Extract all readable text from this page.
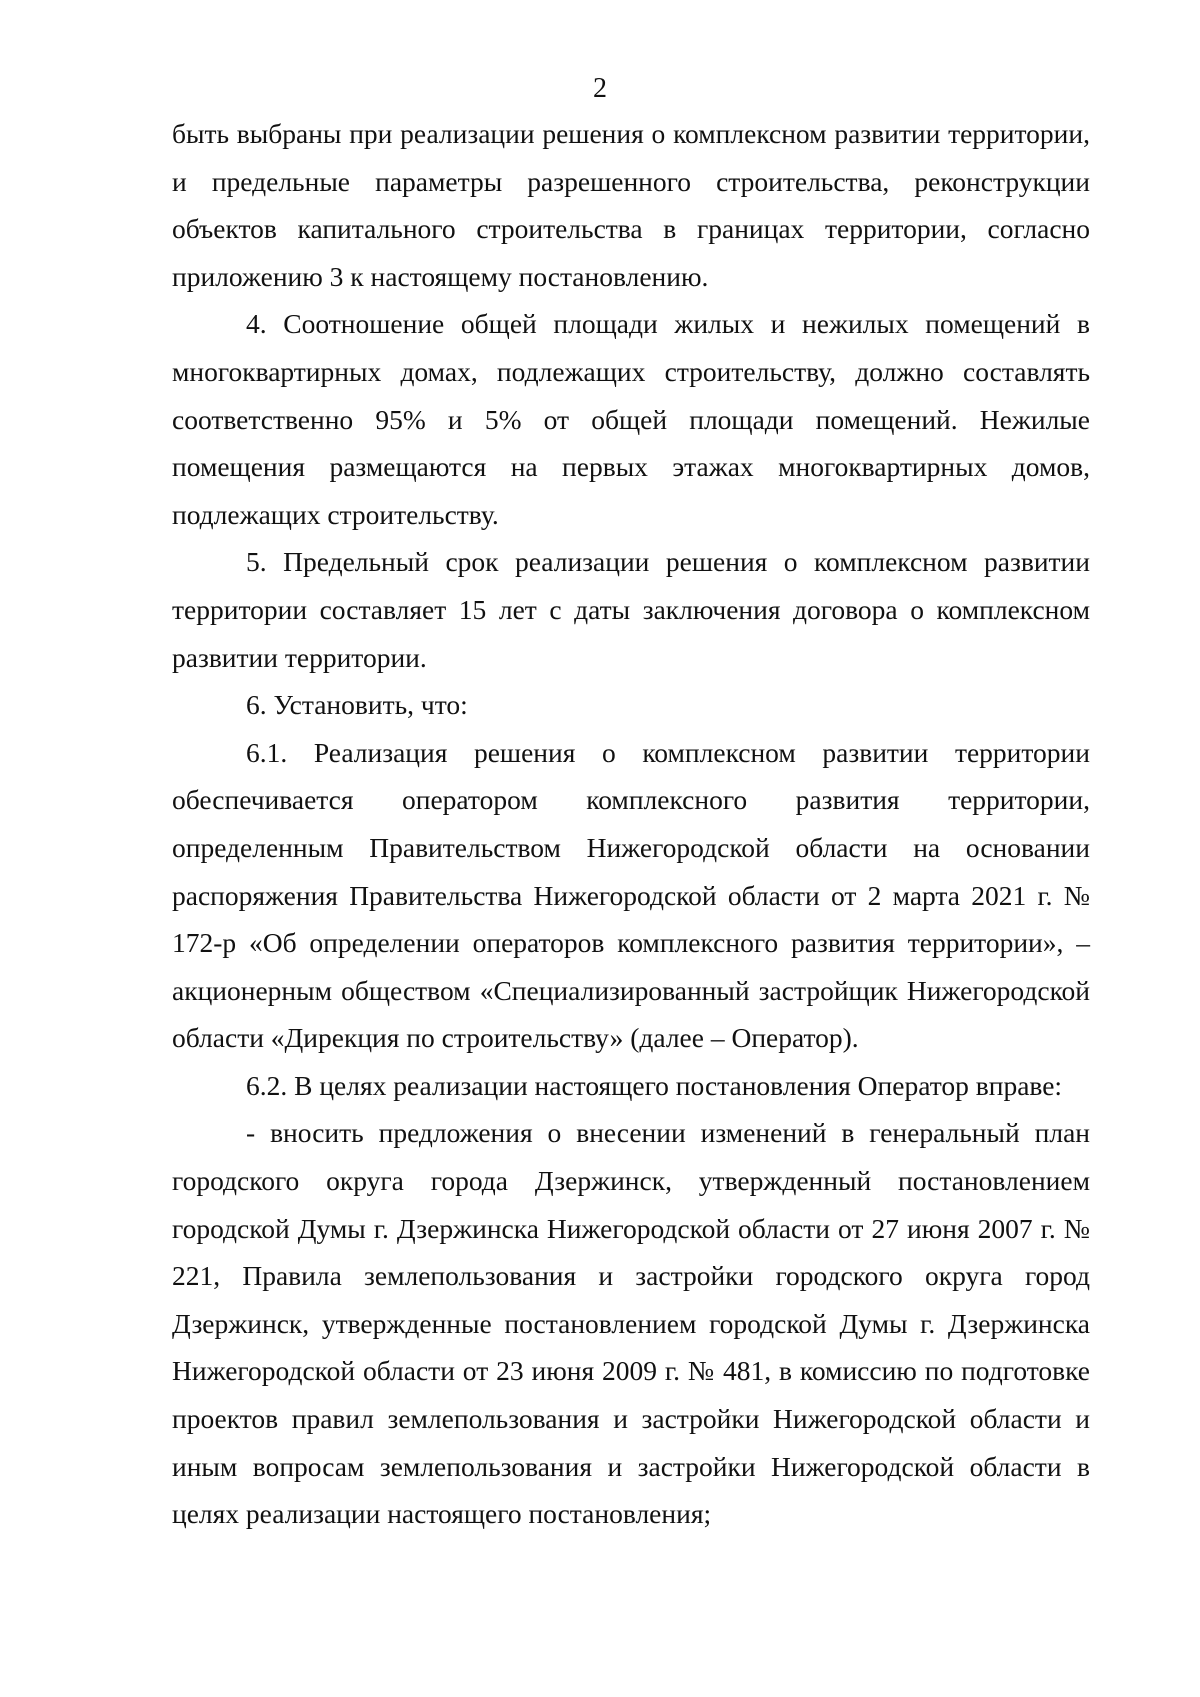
2

быть выбраны при реализации решения о комплексном развитии территории, и предельные параметры разрешенного строительства, реконструкции объектов капитального строительства в границах территории, согласно приложению 3 к настоящему постановлению.

4. Соотношение общей площади жилых и нежилых помещений в многоквартирных домах, подлежащих строительству, должно составлять соответственно 95% и 5% от общей площади помещений. Нежилые помещения размещаются на первых этажах многоквартирных домов, подлежащих строительству.

5. Предельный срок реализации решения о комплексном развитии территории составляет 15 лет с даты заключения договора о комплексном развитии территории.

6. Установить, что:

6.1. Реализация решения о комплексном развитии территории обеспечивается оператором комплексного развития территории, определенным Правительством Нижегородской области на основании распоряжения Правительства Нижегородской области от 2 марта 2021 г. № 172-р «Об определении операторов комплексного развития территории», – акционерным обществом «Специализированный застройщик Нижегородской области «Дирекция по строительству» (далее – Оператор).

6.2. В целях реализации настоящего постановления Оператор вправе:

- вносить предложения о внесении изменений в генеральный план городского округа города Дзержинск, утвержденный постановлением городской Думы г. Дзержинска Нижегородской области от 27 июня 2007 г. № 221, Правила землепользования и застройки городского округа город Дзержинск, утвержденные постановлением городской Думы г. Дзержинска Нижегородской области от 23 июня 2009 г. № 481, в комиссию по подготовке проектов правил землепользования и застройки Нижегородской области и иным вопросам землепользования и застройки Нижегородской области в целях реализации настоящего постановления;
